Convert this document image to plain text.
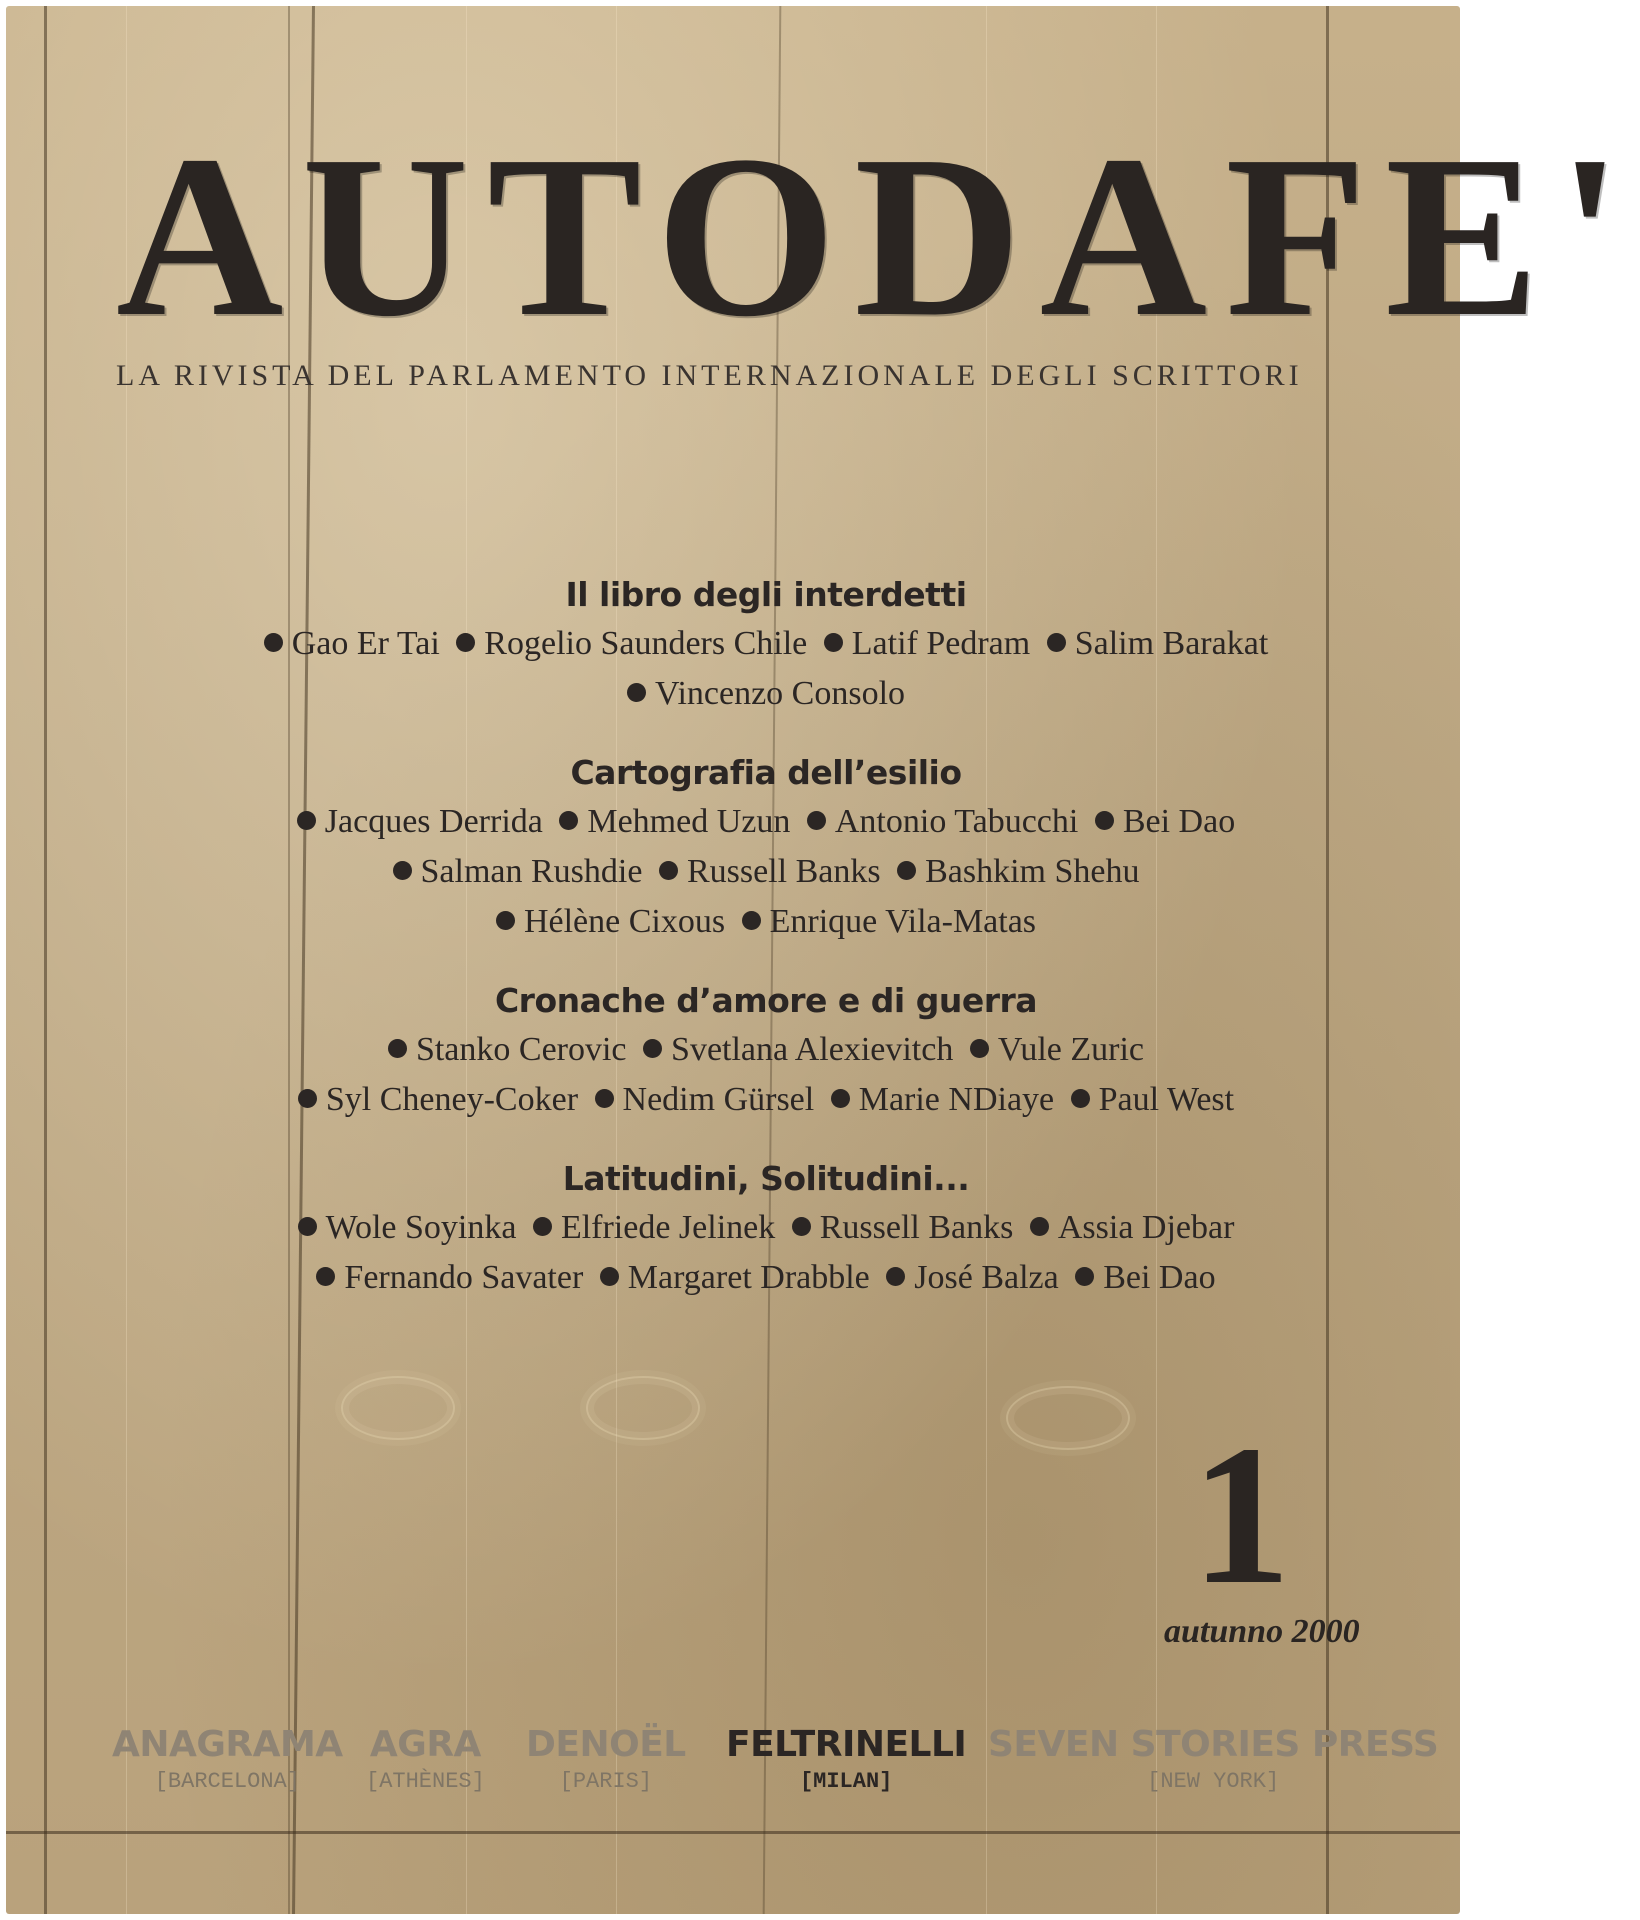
AUTODAFE'
LA RIVISTA DEL PARLAMENTO INTERNAZIONALE DEGLI SCRITTORI
Il libro degli interdetti
Gao Er Tai Rogelio Saunders Chile Latif Pedram Salim Barakat
Vincenzo Consolo
Cartografia dell’esilio
Jacques Derrida Mehmed Uzun Antonio Tabucchi Bei Dao
Salman Rushdie Russell Banks Bashkim Shehu
Hélène Cixous Enrique Vila-Matas
Cronache d’amore e di guerra
Stanko Cerovic Svetlana Alexievitch Vule Zuric
Syl Cheney-Coker Nedim Gürsel Marie NDiaye Paul West
Latitudini, Solitudini...
Wole Soyinka Elfriede Jelinek Russell Banks Assia Djebar
Fernando Savater Margaret Drabble José Balza Bei Dao
1
autunno 2000
ANAGRAMA
[BARCELONA]
AGRA
[ATHÈNES]
DENOËL
[PARIS]
FELTRINELLI
[MILAN]
SEVEN STORIES PRESS
[NEW YORK]
